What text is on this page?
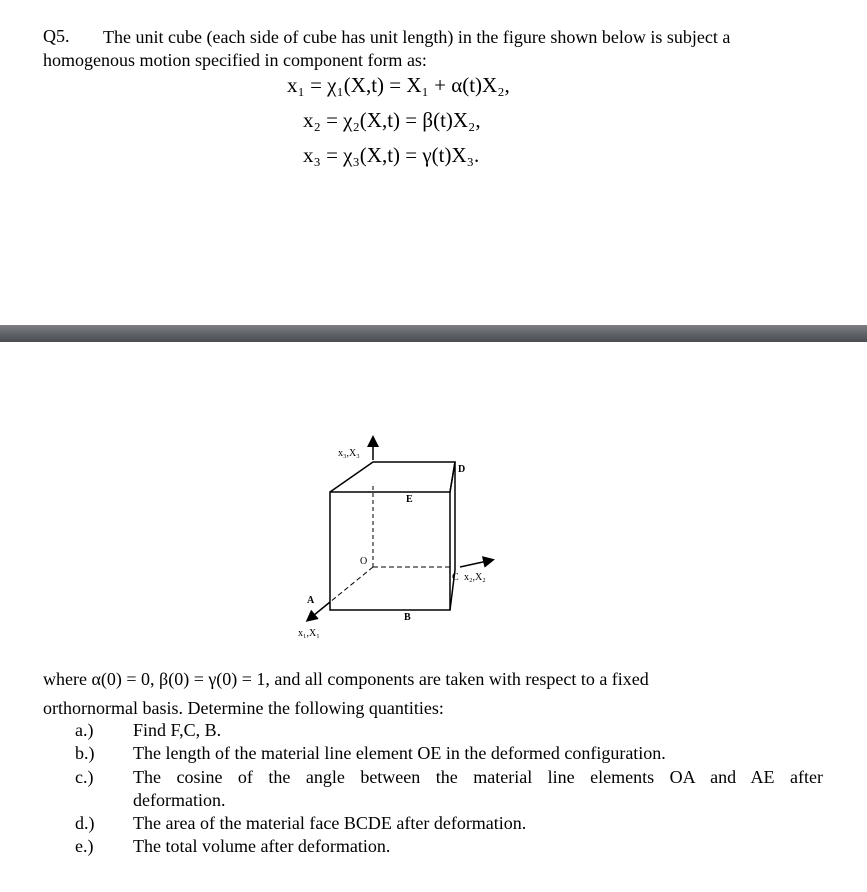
Q5. The unit cube (each side of cube has unit length) in the figure shown below is subject a
homogenous motion specified in component form as:
x₁ = χ₁(X,t) = X₁ + α(t)X₂,
x₂ = χ₂(X,t) = β(t)X₂,
x₃ = χ₃(X,t) = γ(t)X₃.
x₃,X₃
D
E
O
C x₂,X₂
A
B
x₁,X₁
where α(0) = 0, β(0) = γ(0) = 1, and all components are taken with respect to a fixed
orthornormal basis. Determine the following quantities:
a.) Find F,C, B.
b.) The length of the material line element OE in the deformed configuration.
c.) The cosine of the angle between the material line elements OA and AE after
deformation.
d.) The area of the material face BCDE after deformation.
e.) The total volume after deformation.
